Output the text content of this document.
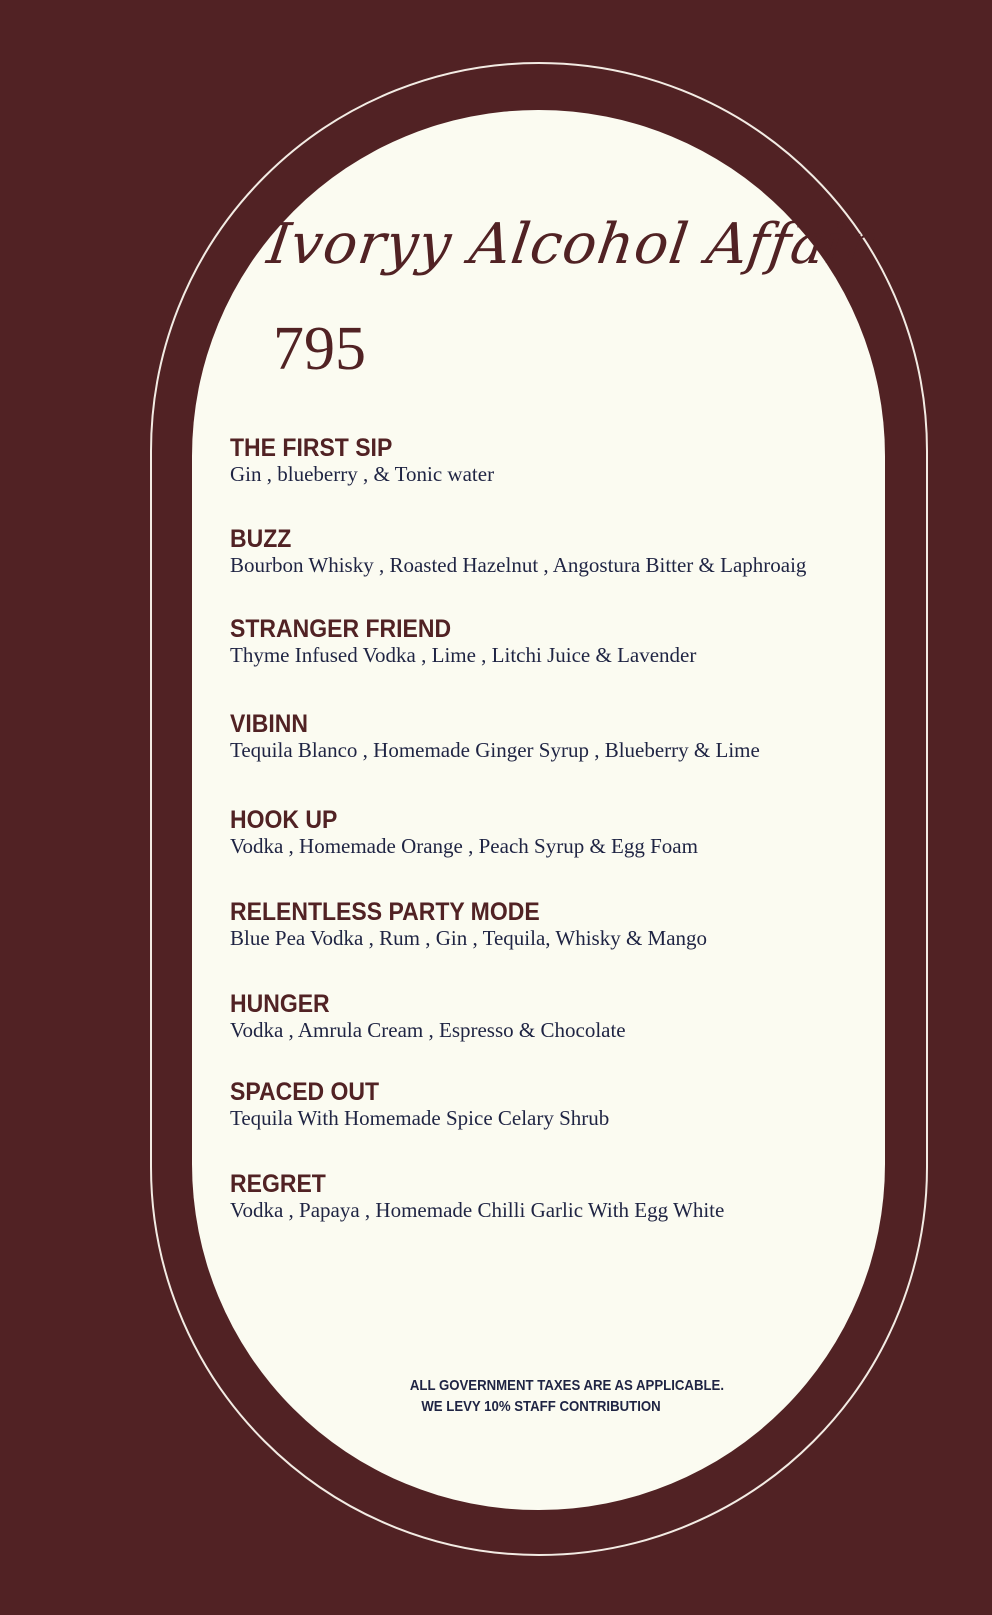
Ivoryy Alcohol Affair
795
THE FIRST SIP
Gin , blueberry , & Tonic water
BUZZ
Bourbon Whisky , Roasted Hazelnut , Angostura Bitter & Laphroaig
STRANGER FRIEND
Thyme Infused Vodka , Lime , Litchi Juice & Lavender
VIBINN
Tequila Blanco , Homemade Ginger Syrup , Blueberry & Lime
HOOK UP
Vodka , Homemade Orange , Peach Syrup & Egg Foam
RELENTLESS PARTY MODE
Blue Pea Vodka , Rum , Gin , Tequila, Whisky & Mango
HUNGER
Vodka , Amrula Cream , Espresso & Chocolate
SPACED OUT
Tequila With Homemade Spice Celary Shrub
REGRET
Vodka , Papaya , Homemade Chilli Garlic With Egg White
ALL GOVERNMENT TAXES ARE AS APPLICABLE.
WE LEVY 10% STAFF CONTRIBUTION
